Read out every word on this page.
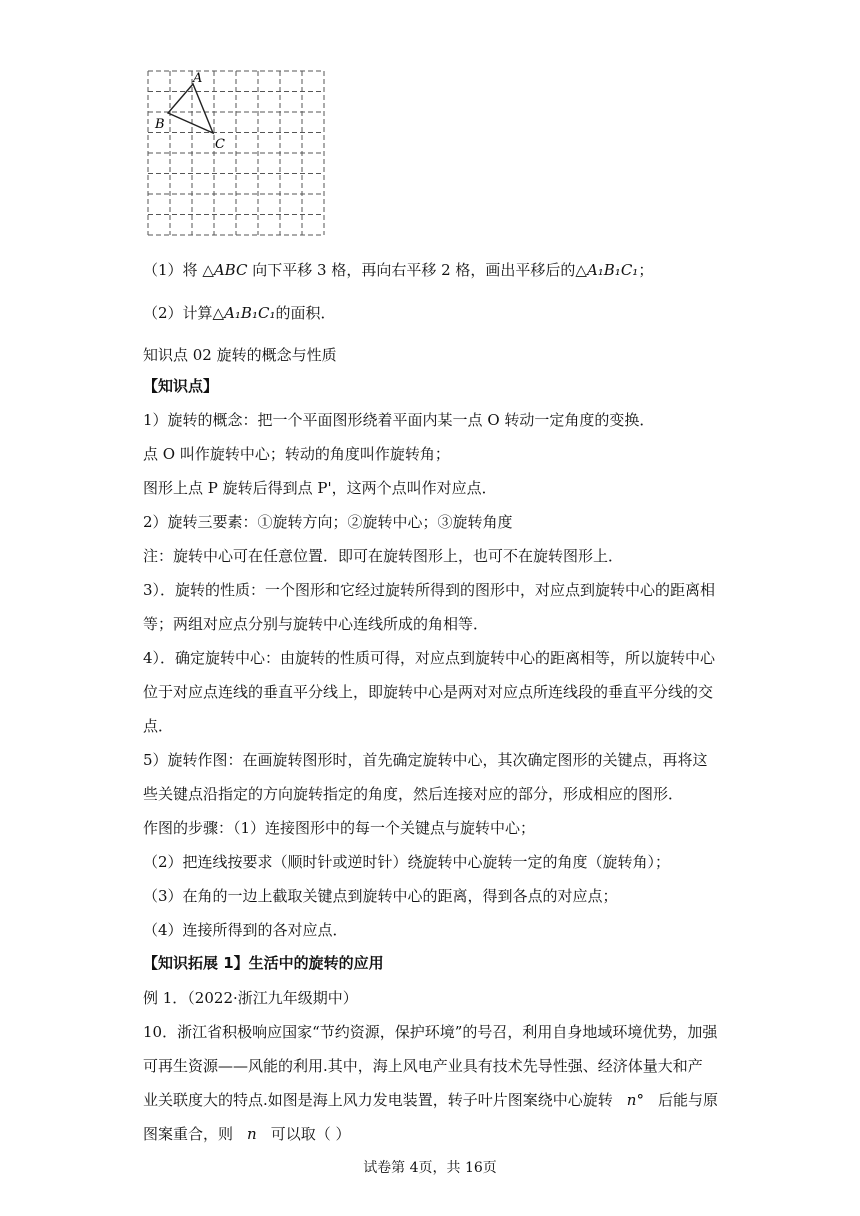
A
B
C
（1）将 △ABC 向下平移 3 格，再向右平移 2 格，画出平移后的△A₁B₁C₁；
（2）计算△A₁B₁C₁的面积．
知识点 02 旋转的概念与性质
【知识点】
1）旋转的概念：把一个平面图形绕着平面内某一点 O 转动一定角度的变换．
点 O 叫作旋转中心；转动的角度叫作旋转角；
图形上点 P 旋转后得到点 P'，这两个点叫作对应点．
2）旋转三要素：①旋转方向；②旋转中心；③旋转角度
注：旋转中心可在任意位置．即可在旋转图形上，也可不在旋转图形上．
3）．旋转的性质：一个图形和它经过旋转所得到的图形中，对应点到旋转中心的距离相
等；两组对应点分别与旋转中心连线所成的角相等．
4）．确定旋转中心：由旋转的性质可得，对应点到旋转中心的距离相等，所以旋转中心
位于对应点连线的垂直平分线上，即旋转中心是两对对应点所连线段的垂直平分线的交
点．
5）旋转作图：在画旋转图形时，首先确定旋转中心，其次确定图形的关键点，再将这
些关键点沿指定的方向旋转指定的角度，然后连接对应的部分，形成相应的图形．
作图的步骤：（1）连接图形中的每一个关键点与旋转中心；
（2）把连线按要求（顺时针或逆时针）绕旋转中心旋转一定的角度（旋转角）；
（3）在角的一边上截取关键点到旋转中心的距离，得到各点的对应点；
（4）连接所得到的各对应点．
【知识拓展 1】生活中的旋转的应用
例 1．（2022·浙江九年级期中）
10．浙江省积极响应国家“节约资源，保护环境”的号召，利用自身地域环境优势，加强
可再生资源——风能的利用.其中，海上风电产业具有技术先导性强、经济体量大和产
业关联度大的特点.如图是海上风力发电装置，转子叶片图案绕中心旋转 n° 后能与原
图案重合，则 n 可以取（ ）
试卷第 4页，共 16页
